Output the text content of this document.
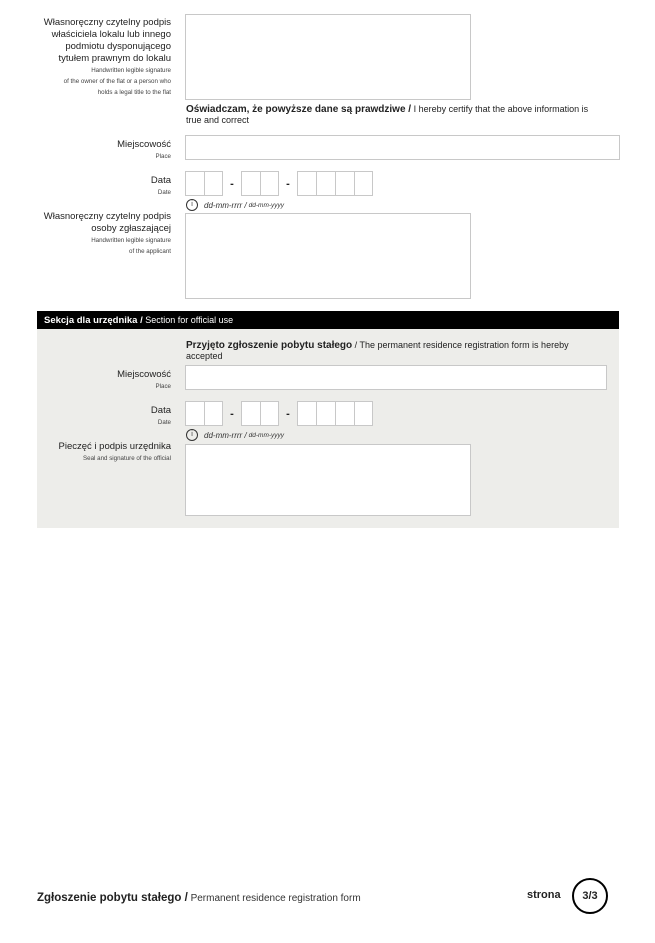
Własnoręczny czytelny podpis
właściciela lokalu lub innego
podmiotu dysponującego
tytułem prawnym do lokalu
Handwritten legible signature
of the owner of the flat or a person who
holds a legal title to the flat
Oświadczam, że powyższe dane są prawdziwe / I hereby certify that the above information is true and correct
Miejscowość
Place
Data
Date
-	-
i	dd-mm-rrrr / dd-mm-yyyy
Własnoręczny czytelny podpis
osoby zgłaszającej
Handwritten legible signature
of the applicant
Sekcja dla urzędnika / Section for official use
Przyjęto zgłoszenie pobytu stałego / The permanent residence registration form is hereby accepted
Miejscowość
Place
Data
Date
-	-
i	dd-mm-rrrr / dd-mm-yyyy
Pieczęć i podpis urzędnika
Seal and signature of the official
Zgłoszenie pobytu stałego / Permanent residence registration form	strona	3/3
